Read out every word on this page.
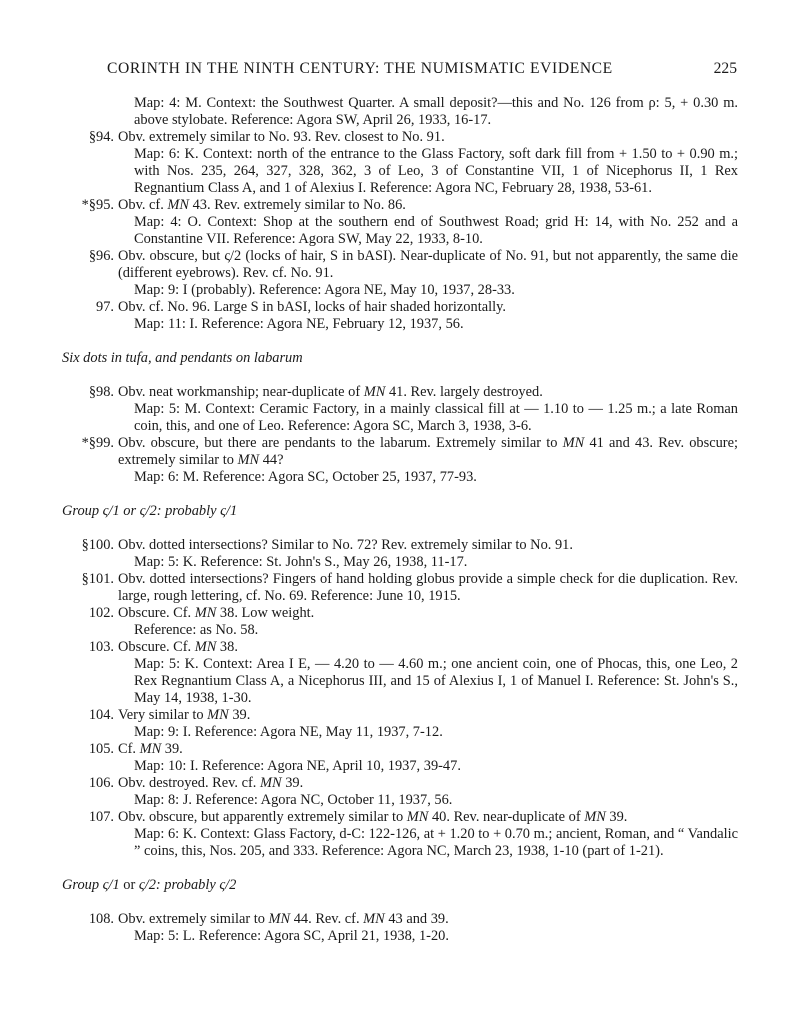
CORINTH IN THE NINTH CENTURY: THE NUMISMATIC EVIDENCE	225
Map: 4: M. Context: the Southwest Quarter. A small deposit?—this and No. 126 from ρ: 5, + 0.30 m. above stylobate. Reference: Agora SW, April 26, 1933, 16-17.
§94. Obv. extremely similar to No. 93. Rev. closest to No. 91.
Map: 6: K. Context: north of the entrance to the Glass Factory, soft dark fill from + 1.50 to + 0.90 m.; with Nos. 235, 264, 327, 328, 362, 3 of Leo, 3 of Constantine VII, 1 of Nicephorus II, 1 Rex Regnantium Class A, and 1 of Alexius I. Reference: Agora NC, February 28, 1938, 53-61.
*§95. Obv. cf. MN 43. Rev. extremely similar to No. 86.
Map: 4: O. Context: Shop at the southern end of Southwest Road; grid H: 14, with No. 252 and a Constantine VII. Reference: Agora SW, May 22, 1933, 8-10.
§96. Obv. obscure, but ς/2 (locks of hair, S in bASI). Near-duplicate of No. 91, but not apparently, the same die (different eyebrows). Rev. cf. No. 91.
Map: 9: I (probably). Reference: Agora NE, May 10, 1937, 28-33.
97. Obv. cf. No. 96. Large S in bASI, locks of hair shaded horizontally.
Map: 11: I. Reference: Agora NE, February 12, 1937, 56.
Six dots in tufa, and pendants on labarum
§98. Obv. neat workmanship; near-duplicate of MN 41. Rev. largely destroyed.
Map: 5: M. Context: Ceramic Factory, in a mainly classical fill at — 1.10 to — 1.25 m.; a late Roman coin, this, and one of Leo. Reference: Agora SC, March 3, 1938, 3-6.
*§99. Obv. obscure, but there are pendants to the labarum. Extremely similar to MN 41 and 43. Rev. obscure; extremely similar to MN 44?
Map: 6: M. Reference: Agora SC, October 25, 1937, 77-93.
Group ς/1 or ς/2: probably ς/1
§100. Obv. dotted intersections? Similar to No. 72? Rev. extremely similar to No. 91.
Map: 5: K. Reference: St. John's S., May 26, 1938, 11-17.
§101. Obv. dotted intersections? Fingers of hand holding globus provide a simple check for die duplication. Rev. large, rough lettering, cf. No. 69. Reference: June 10, 1915.
102. Obscure. Cf. MN 38. Low weight.
Reference: as No. 58.
103. Obscure. Cf. MN 38.
Map: 5: K. Context: Area I E, — 4.20 to — 4.60 m.; one ancient coin, one of Phocas, this, one Leo, 2 Rex Regnantium Class A, a Nicephorus III, and 15 of Alexius I, 1 of Manuel I. Reference: St. John's S., May 14, 1938, 1-30.
104. Very similar to MN 39.
Map: 9: I. Reference: Agora NE, May 11, 1937, 7-12.
105. Cf. MN 39.
Map: 10: I. Reference: Agora NE, April 10, 1937, 39-47.
106. Obv. destroyed. Rev. cf. MN 39.
Map: 8: J. Reference: Agora NC, October 11, 1937, 56.
107. Obv. obscure, but apparently extremely similar to MN 40. Rev. near-duplicate of MN 39.
Map: 6: K. Context: Glass Factory, d-C: 122-126, at + 1.20 to + 0.70 m.; ancient, Roman, and “ Vandalic ” coins, this, Nos. 205, and 333. Reference: Agora NC, March 23, 1938, 1-10 (part of 1-21).
Group ς/1 or ς/2: probably ς/2
108. Obv. extremely similar to MN 44. Rev. cf. MN 43 and 39.
Map: 5: L. Reference: Agora SC, April 21, 1938, 1-20.
